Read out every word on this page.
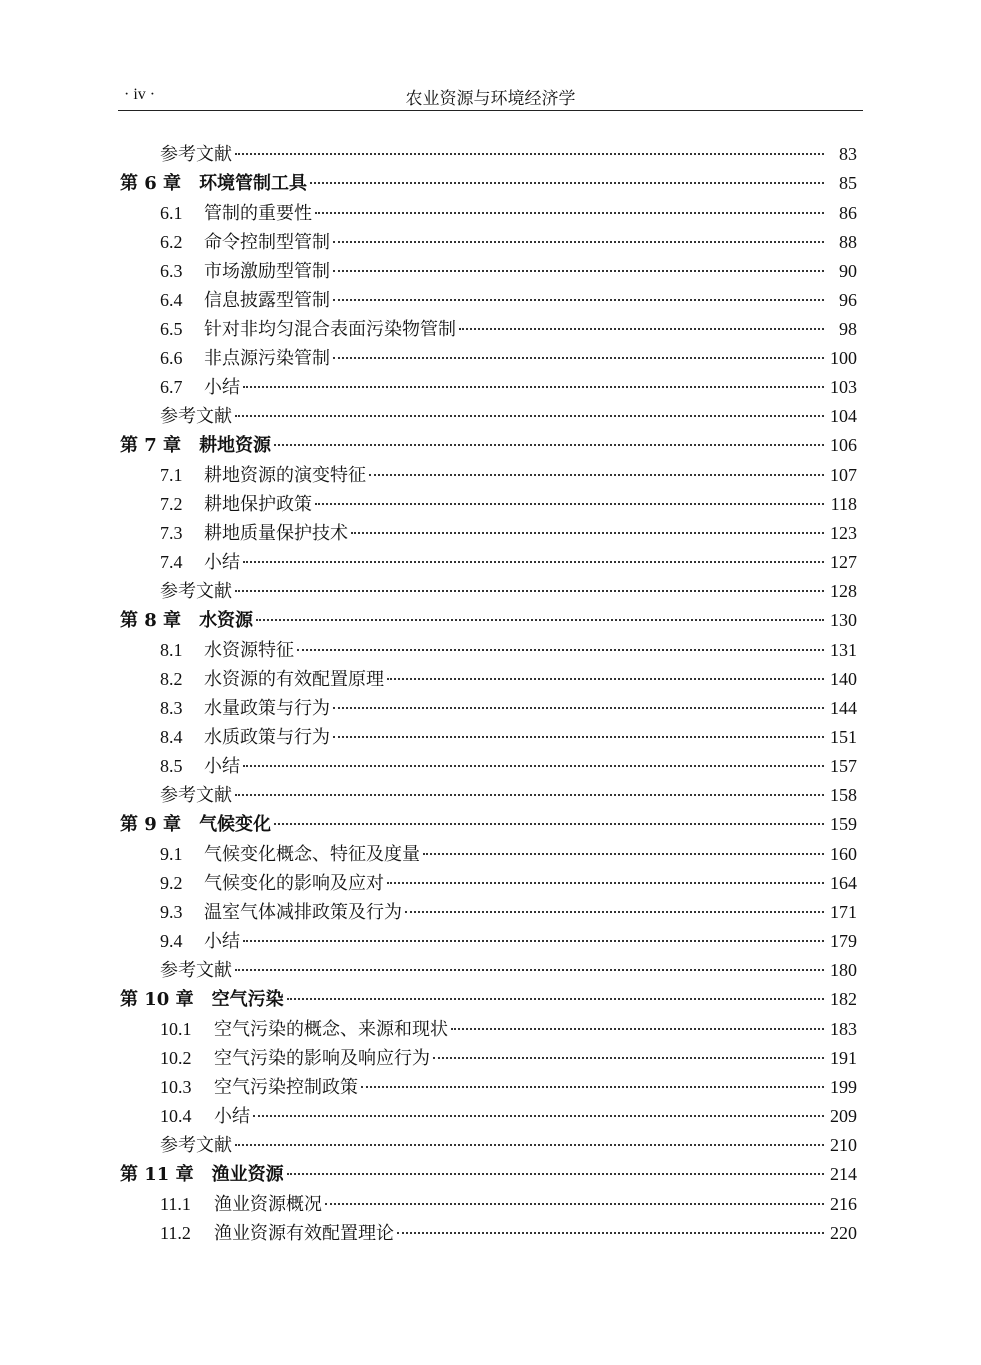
· iv ·	农业资源与环境经济学
参考文献	83
第 6 章 环境管制工具	85
6.1	管制的重要性	86
6.2	命令控制型管制	88
6.3	市场激励型管制	90
6.4	信息披露型管制	96
6.5	针对非均匀混合表面污染物管制	98
6.6	非点源污染管制	100
6.7	小结	103
参考文献	104
第 7 章 耕地资源	106
7.1	耕地资源的演变特征	107
7.2	耕地保护政策	118
7.3	耕地质量保护技术	123
7.4	小结	127
参考文献	128
第 8 章 水资源	130
8.1	水资源特征	131
8.2	水资源的有效配置原理	140
8.3	水量政策与行为	144
8.4	水质政策与行为	151
8.5	小结	157
参考文献	158
第 9 章 气候变化	159
9.1	气候变化概念、特征及度量	160
9.2	气候变化的影响及应对	164
9.3	温室气体减排政策及行为	171
9.4	小结	179
参考文献	180
第 10 章 空气污染	182
10.1	空气污染的概念、来源和现状	183
10.2	空气污染的影响及响应行为	191
10.3	空气污染控制政策	199
10.4	小结	209
参考文献	210
第 11 章 渔业资源	214
11.1	渔业资源概况	216
11.2	渔业资源有效配置理论	220
